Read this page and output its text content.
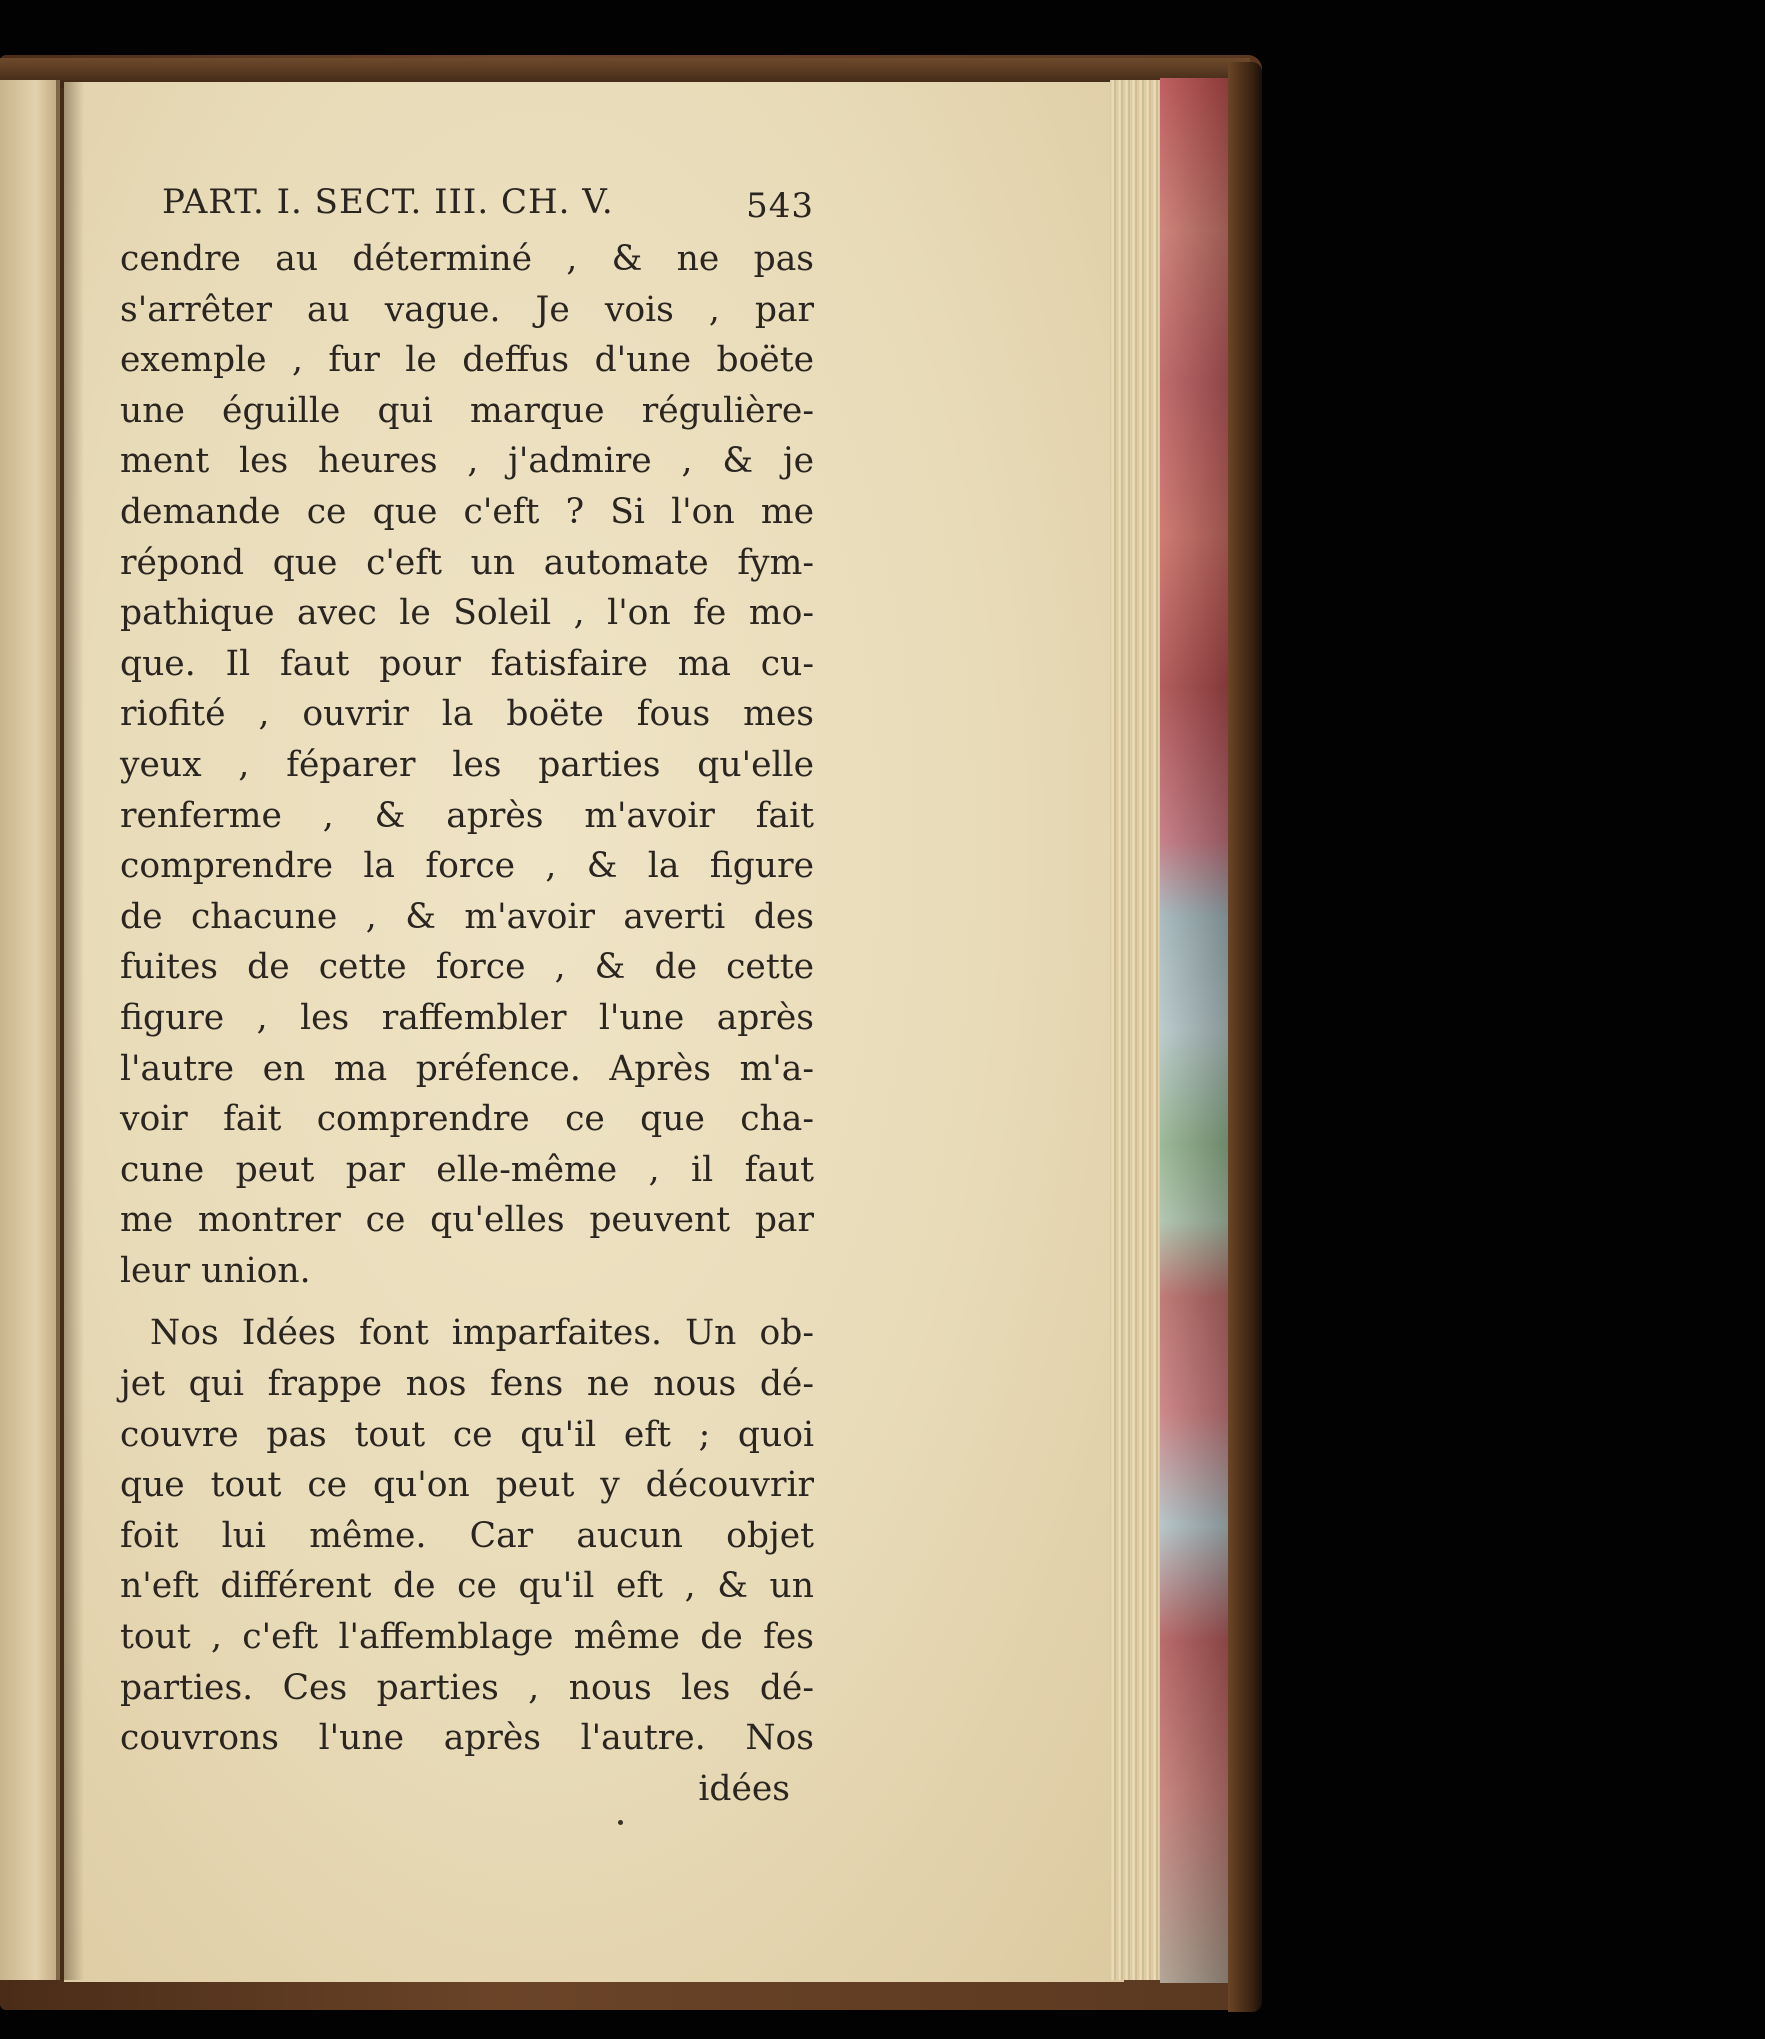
PART. I. SECT. III. CH. V.	543
cendre au déterminé , & ne pas
s'arrêter au vague. Je vois , par
exemple , fur le deffus d'une boëte
une éguille qui marque régulière-
ment les heures , j'admire , & je
demande ce que c'eft ? Si l'on me
répond que c'eft un automate fym-
pathique avec le Soleil , l'on fe mo-
que. Il faut pour fatisfaire ma cu-
riofité , ouvrir la boëte fous mes
yeux , féparer les parties qu'elle
renferme , & après m'avoir fait
comprendre la force , & la figure
de chacune , & m'avoir averti des
fuites de cette force , & de cette
figure , les raffembler l'une après
l'autre en ma préfence. Après m'a-
voir fait comprendre ce que cha-
cune peut par elle-même , il faut
me montrer ce qu'elles peuvent par
leur union.
Nos Idées font imparfaites. Un ob-
jet qui frappe nos fens ne nous dé-
couvre pas tout ce qu'il eft ; quoi
que tout ce qu'on peut y découvrir
foit lui même. Car aucun objet
n'eft différent de ce qu'il eft , & un
tout , c'eft l'affemblage même de fes
parties. Ces parties , nous les dé-
couvrons l'une après l'autre. Nos
idées
